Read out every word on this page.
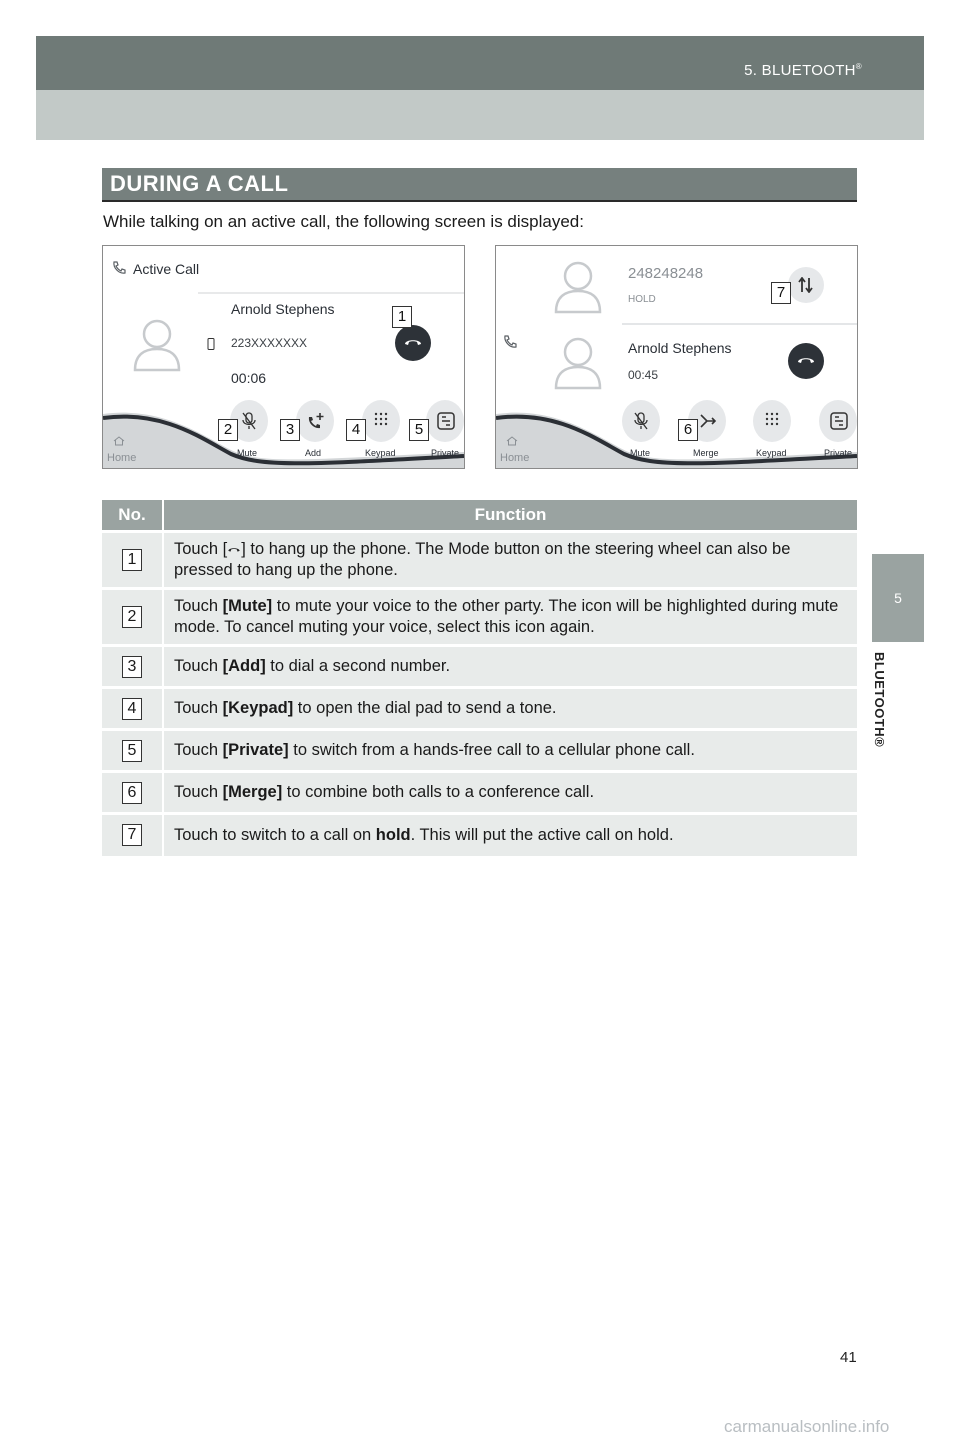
5. BLUETOOTH®
5
BLUETOOTH®
DURING A CALL
While talking on an active call, the following screen is displayed:
Active Call
Arnold Stephens
223XXXXXXX
00:06
Mute	Add	Keypad	Private
Home
1
2	3	4	5
248248248
HOLD
Arnold Stephens
00:45
Mute	Merge	Keypad	Private
Home
6
7
No.	Function
1	Touch [ ] to hang up the phone. The Mode button on the steering wheel can also be pressed to hang up the phone.
2	Touch [Mute] to mute your voice to the other party. The icon will be highlighted during mute mode. To cancel muting your voice, select this icon again.
3	Touch [Add] to dial a second number.
4	Touch [Keypad] to open the dial pad to send a tone.
5	Touch [Private] to switch from a hands-free call to a cellular phone call.
6	Touch [Merge] to combine both calls to a conference call.
7	Touch to switch to a call on hold. This will put the active call on hold.
41
carmanualsonline.info
